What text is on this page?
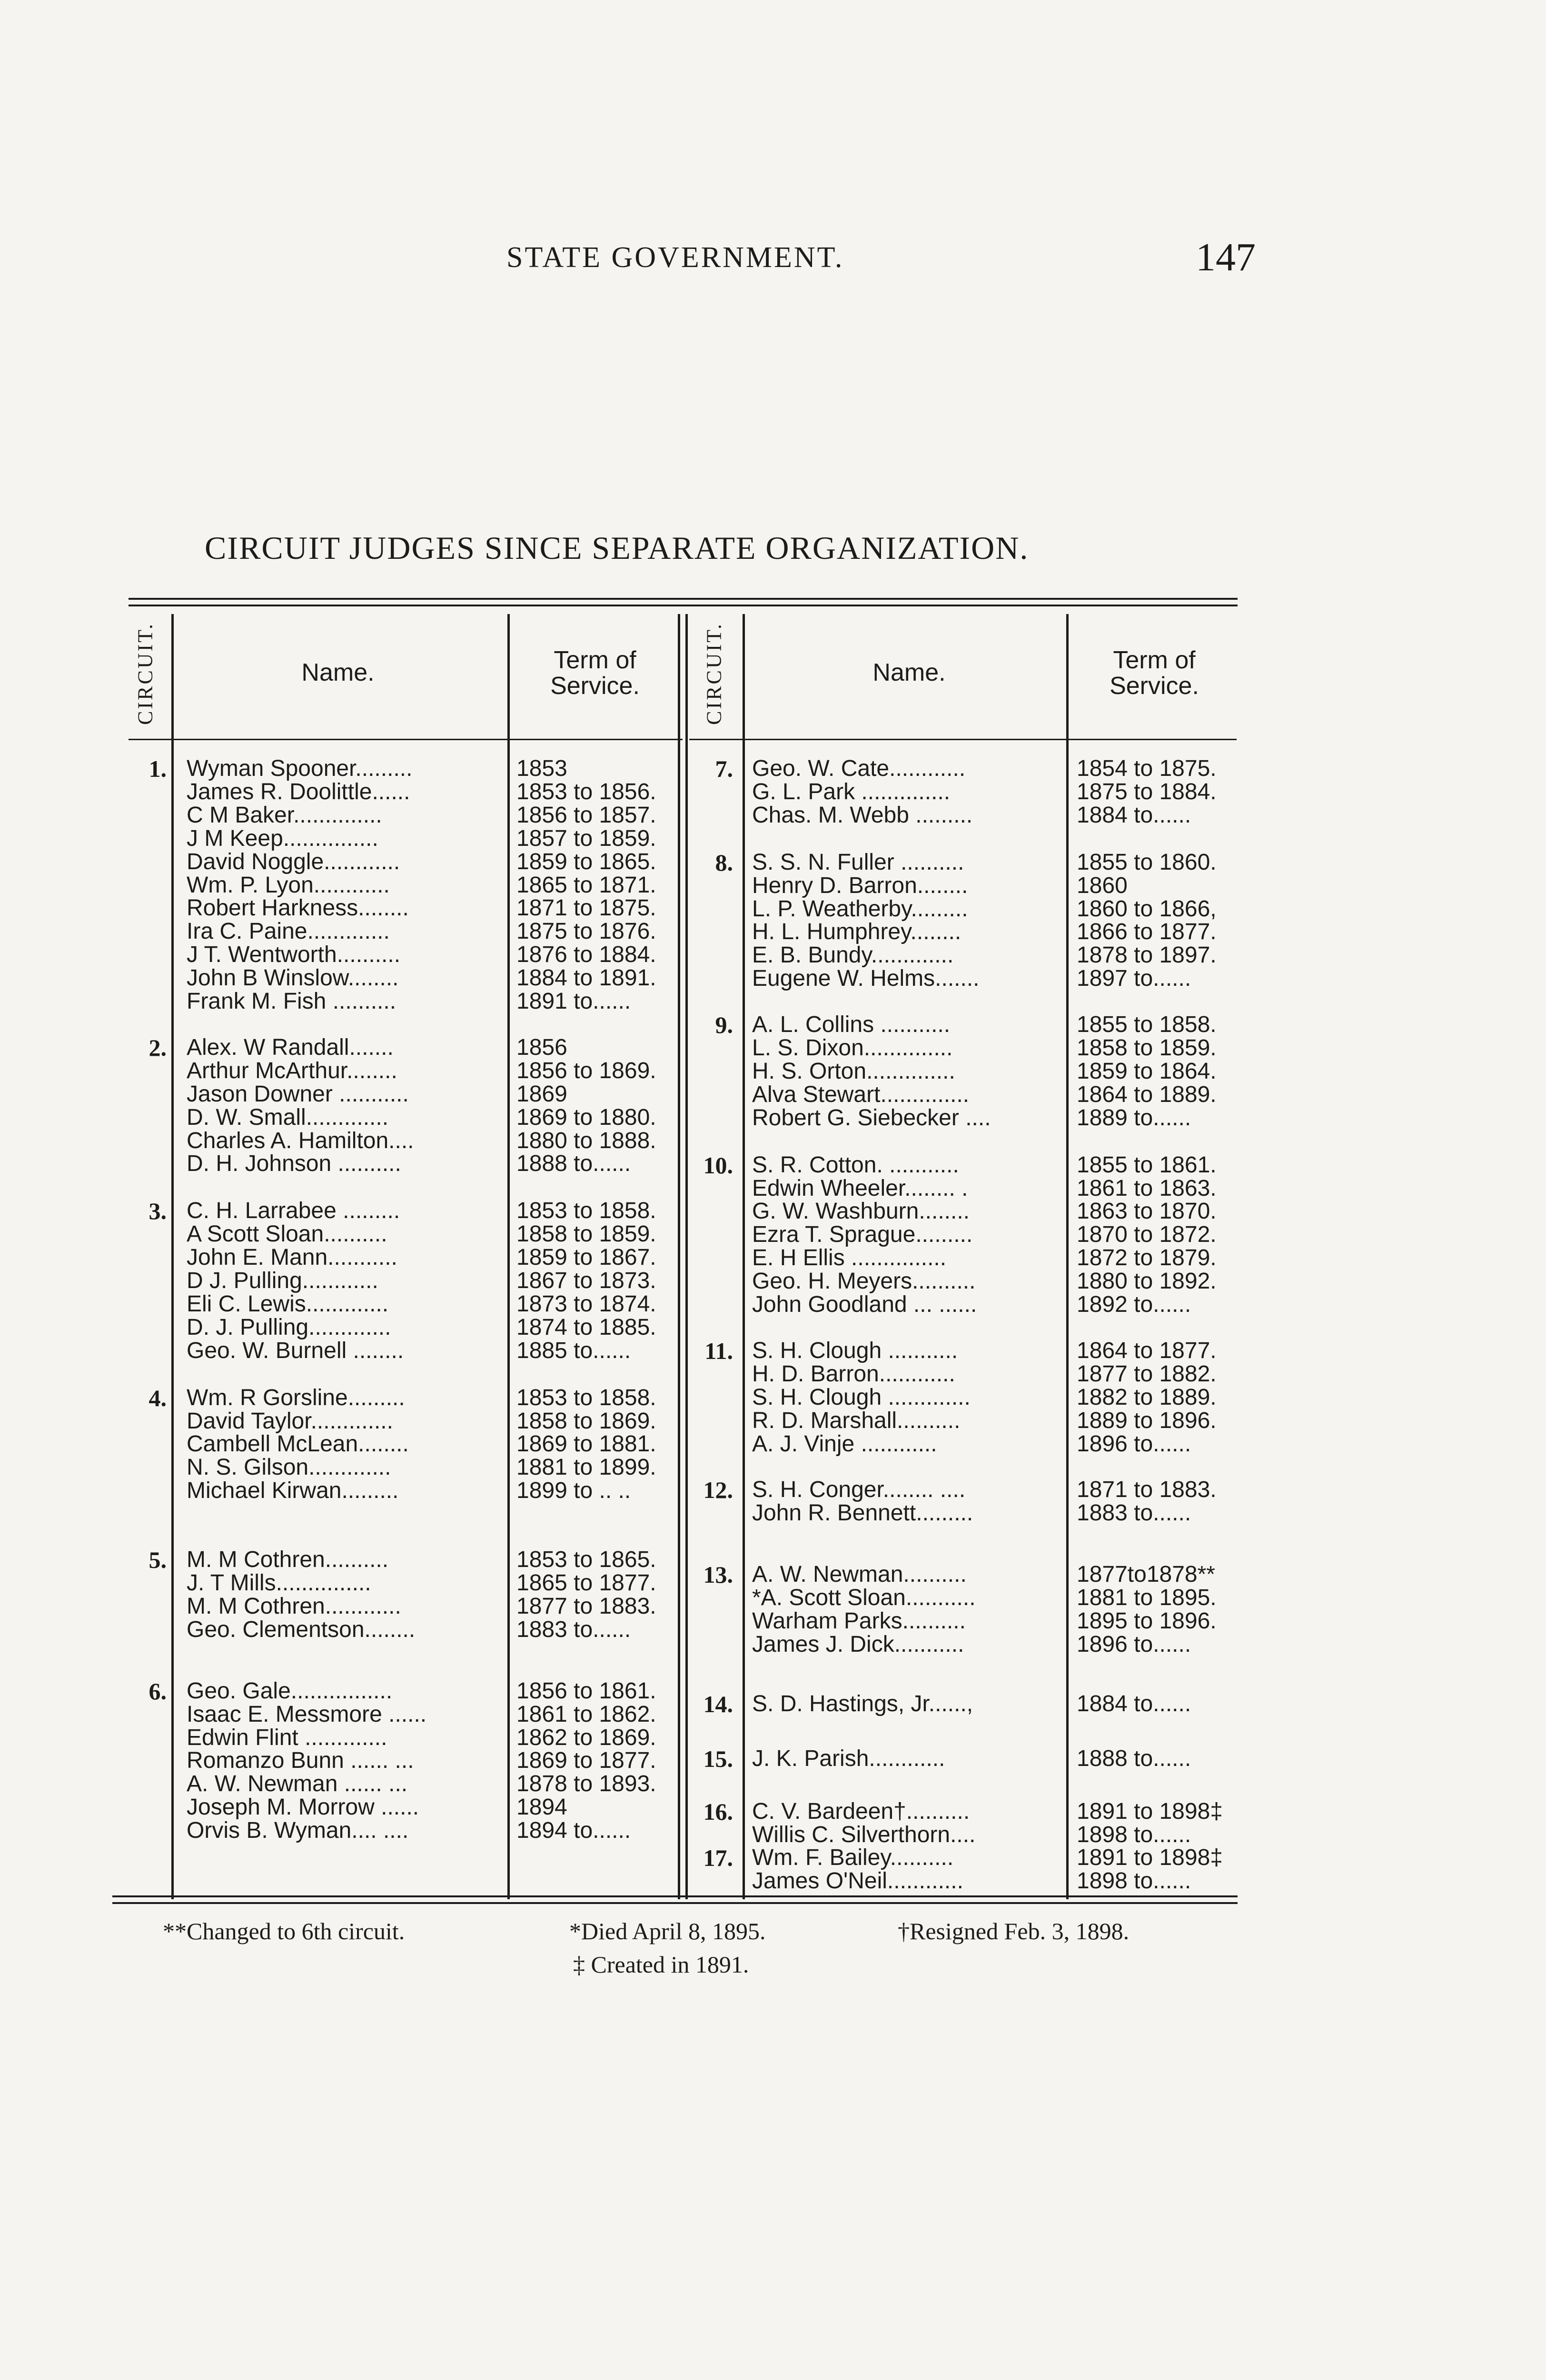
STATE GOVERNMENT.	147
CIRCUIT JUDGES SINCE SEPARATE ORGANIZATION.
CIRCUIT.	Name.	Term of
Service.	CIRCUIT.	Name.	Term of
Service.
1. Wyman Spooner.........	1853
James R. Doolittle......	1853 to 1856.
C M Baker..............	1856 to 1857.
J M Keep...............	1857 to 1859.
David Noggle............	1859 to 1865.
Wm. P. Lyon............	1865 to 1871.
Robert Harkness........	1871 to 1875.
Ira C. Paine.............	1875 to 1876.
J T. Wentworth..........	1876 to 1884.
John B Winslow........	1884 to 1891.
Frank M. Fish ..........	1891 to......
2. Alex. W Randall.......	1856
Arthur McArthur........	1856 to 1869.
Jason Downer ...........	1869
D. W. Small.............	1869 to 1880.
Charles A. Hamilton....	1880 to 1888.
D. H. Johnson ..........	1888 to......
3. C. H. Larrabee .........	1853 to 1858.
A Scott Sloan..........	1858 to 1859.
John E. Mann...........	1859 to 1867.
D J. Pulling............	1867 to 1873.
Eli C. Lewis.............	1873 to 1874.
D. J. Pulling.............	1874 to 1885.
Geo. W. Burnell ........	1885 to......
4. Wm. R Gorsline.........	1853 to 1858.
David Taylor.............	1858 to 1869.
Cambell McLean........	1869 to 1881.
N. S. Gilson.............	1881 to 1899.
Michael Kirwan.........	1899 to .. ..
5. M. M Cothren..........	1853 to 1865.
J. T Mills...............	1865 to 1877.
M. M Cothren............	1877 to 1883.
Geo. Clementson........	1883 to......
6. Geo. Gale................	1856 to 1861.
Isaac E. Messmore ......	1861 to 1862.
Edwin Flint .............	1862 to 1869.
Romanzo Bunn ...... ...	1869 to 1877.
A. W. Newman ...... ...	1878 to 1893.
Joseph M. Morrow ......	1894
Orvis B. Wyman.... ....	1894 to......
7. Geo. W. Cate............	1854 to 1875.
G. L. Park ..............	1875 to 1884.
Chas. M. Webb .........	1884 to......
8. S. S. N. Fuller ..........	1855 to 1860.
Henry D. Barron........	1860
L. P. Weatherby.........	1860 to 1866,
H. L. Humphrey........	1866 to 1877.
E. B. Bundy.............	1878 to 1897.
Eugene W. Helms.......	1897 to......
9. A. L. Collins ...........	1855 to 1858.
L. S. Dixon..............	1858 to 1859.
H. S. Orton..............	1859 to 1864.
Alva Stewart..............	1864 to 1889.
Robert G. Siebecker ....	1889 to......
10. S. R. Cotton. ...........	1855 to 1861.
Edwin Wheeler........ .	1861 to 1863.
G. W. Washburn........	1863 to 1870.
Ezra T. Sprague.........	1870 to 1872.
E. H Ellis ...............	1872 to 1879.
Geo. H. Meyers..........	1880 to 1892.
John Goodland ... ......	1892 to......
11. S. H. Clough ...........	1864 to 1877.
H. D. Barron............	1877 to 1882.
S. H. Clough .............	1882 to 1889.
R. D. Marshall..........	1889 to 1896.
A. J. Vinje ............	1896 to......
12. S. H. Conger........ ....	1871 to 1883.
John R. Bennett.........	1883 to......
13. A. W. Newman..........	1877to1878**
*A. Scott Sloan...........	1881 to 1895.
Warham Parks..........	1895 to 1896.
James J. Dick...........	1896 to......
14. S. D. Hastings, Jr......,	1884 to......
15. J. K. Parish............	1888 to......
16. C. V. Bardeen†..........	1891 to 1898‡
Willis C. Silverthorn....	1898 to......
17. Wm. F. Bailey..........	1891 to 1898‡
James O'Neil............	1898 to......
**Changed to 6th circuit.	*Died April 8, 1895.	†Resigned Feb. 3, 1898.
‡ Created in 1891.
